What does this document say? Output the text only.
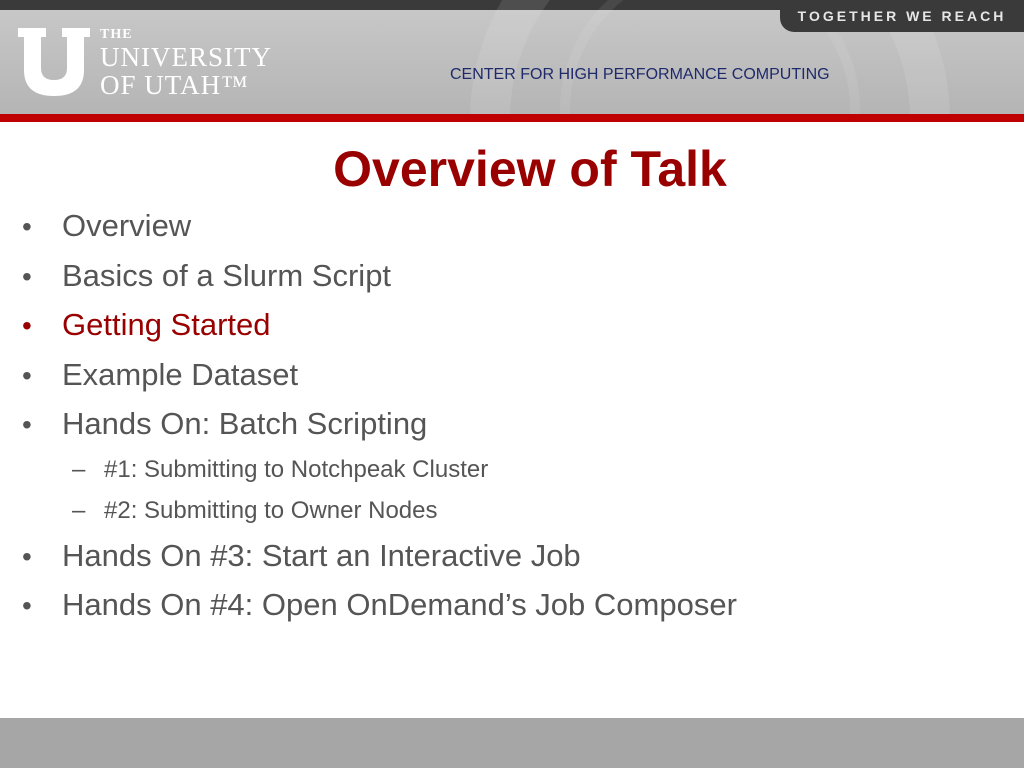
THE
UNIVERSITY
OF UTAH™
TOGETHER WE REACH
CENTER FOR HIGH PERFORMANCE COMPUTING
Overview of Talk
• Overview
• Basics of a Slurm Script
• Getting Started
• Example Dataset
• Hands On: Batch Scripting
– #1: Submitting to Notchpeak Cluster
– #2: Submitting to Owner Nodes
• Hands On #3: Start an Interactive Job
• Hands On #4: Open OnDemand’s Job Composer
